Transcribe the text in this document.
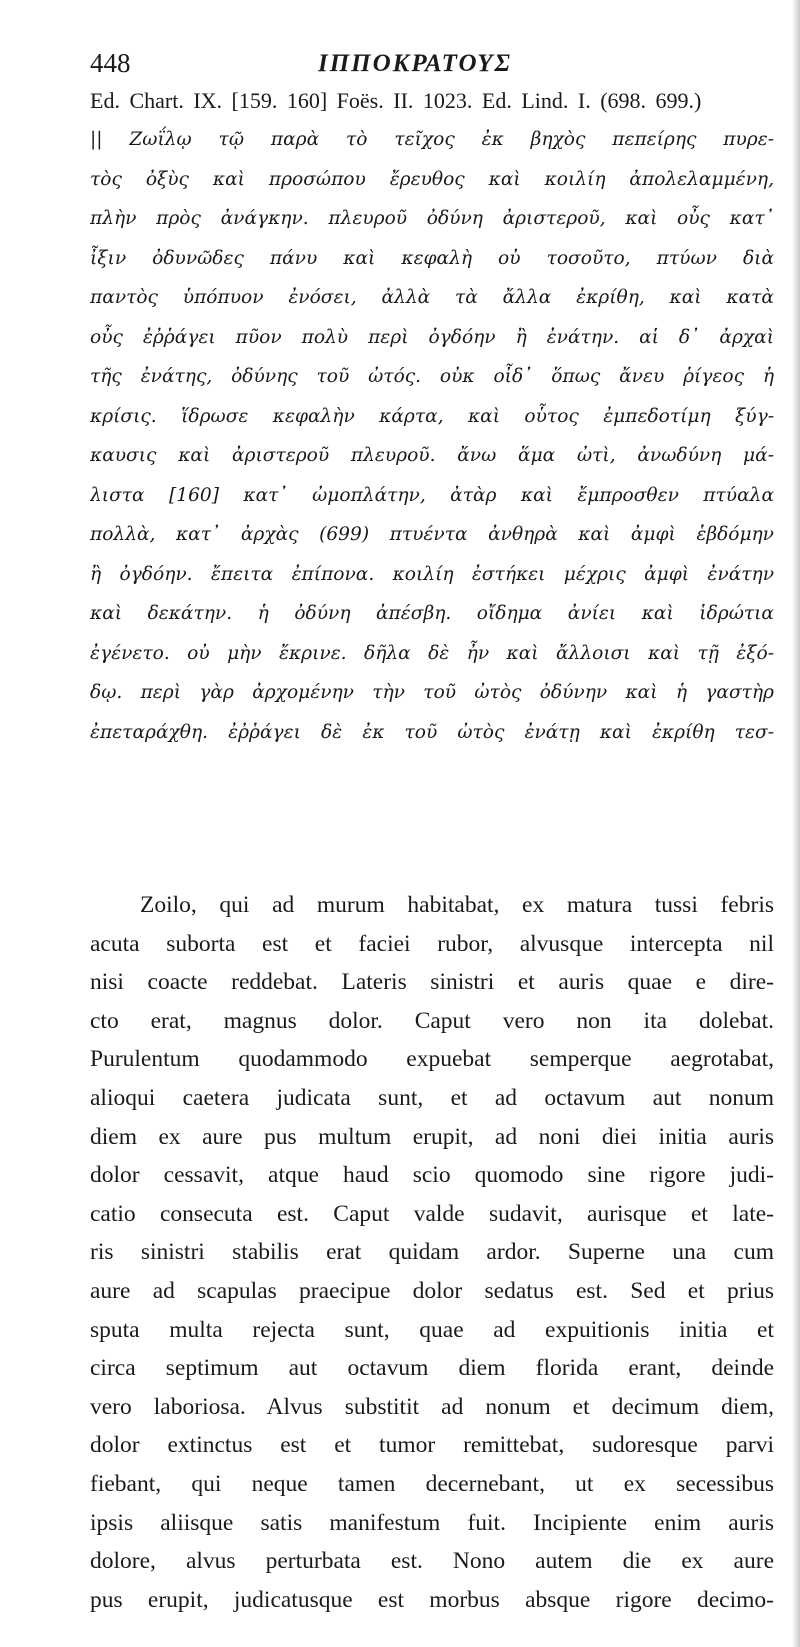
448	ΙΠΠΟΚΡΑΤΟΥΣ
Ed. Chart. IX. [159. 160] Foës. II. 1023. Ed. Lind. I. (698. 699.)
|| Ζωΐλῳ τῷ παρὰ τὸ τεῖχος ἐκ βηχὸς πεπείρης πυρε-
τὸς ὀξὺς καὶ προσώπου ἔρευθος καὶ κοιλίη ἀπολελαμμένη,
πλὴν πρὸς ἀνάγκην. πλευροῦ ὀδύνη ἀριστεροῦ, καὶ οὖς κατ᾽
ἶξιν ὀδυνῶδες πάνυ καὶ κεφαλὴ οὐ τοσοῦτο, πτύων διὰ
παντὸς ὑπόπυον ἐνόσει, ἀλλὰ τὰ ἄλλα ἐκρίθη, καὶ κατὰ
οὖς ἐῤῥάγει πῦον πολὺ περὶ ὀγδόην ἢ ἐνάτην. αἱ δ᾽ ἀρχαὶ
τῆς ἐνάτης, ὀδύνης τοῦ ὠτός. οὐκ οἶδ᾽ ὅπως ἄνευ ῥίγεος ἡ
κρίσις. ἵδρωσε κεφαλὴν κάρτα, καὶ οὗτος ἐμπεδοτίμη ξύγ-
καυσις καὶ ἀριστεροῦ πλευροῦ. ἄνω ἅμα ὠτὶ, ἀνωδύνη μά-
λιστα [160] κατ᾽ ὠμοπλάτην, ἀτὰρ καὶ ἔμπροσθεν πτύαλα
πολλὰ, κατ᾽ ἀρχὰς (699) πτυέντα ἀνθηρὰ καὶ ἀμφὶ ἑβδόμην
ἢ ὀγδόην. ἔπειτα ἐπίπονα. κοιλίη ἐστήκει μέχρις ἀμφὶ ἐνάτην
καὶ δεκάτην. ἡ ὀδύνη ἀπέσβη. οἴδημα ἀνίει καὶ ἱδρώτια
ἐγένετο. οὐ μὴν ἔκρινε. δῆλα δὲ ἦν καὶ ἄλλοισι καὶ τῇ ἐξό-
δῳ. περὶ γὰρ ἀρχομένην τὴν τοῦ ὠτὸς ὀδύνην καὶ ἡ γαστὴρ
ἐπεταράχθη. ἐῤῥάγει δὲ ἐκ τοῦ ὠτὸς ἐνάτῃ καὶ ἐκρίθη τεσ-
Zoilo, qui ad murum habitabat, ex matura tussi febris
acuta suborta est et faciei rubor, alvusque intercepta nil
nisi coacte reddebat. Lateris sinistri et auris quae e dire-
cto erat, magnus dolor. Caput vero non ita dolebat.
Purulentum quodammodo expuebat semperque aegrotabat,
alioqui caetera judicata sunt, et ad octavum aut nonum
diem ex aure pus multum erupit, ad noni diei initia auris
dolor cessavit, atque haud scio quomodo sine rigore judi-
catio consecuta est. Caput valde sudavit, aurisque et late-
ris sinistri stabilis erat quidam ardor. Superne una cum
aure ad scapulas praecipue dolor sedatus est. Sed et prius
sputa multa rejecta sunt, quae ad expuitionis initia et
circa septimum aut octavum diem florida erant, deinde
vero laboriosa. Alvus substitit ad nonum et decimum diem,
dolor extinctus est et tumor remittebat, sudoresque parvi
fiebant, qui neque tamen decernebant, ut ex secessibus
ipsis aliisque satis manifestum fuit. Incipiente enim auris
dolore, alvus perturbata est. Nono autem die ex aure
pus erupit, judicatusque est morbus absque rigore decimo-
